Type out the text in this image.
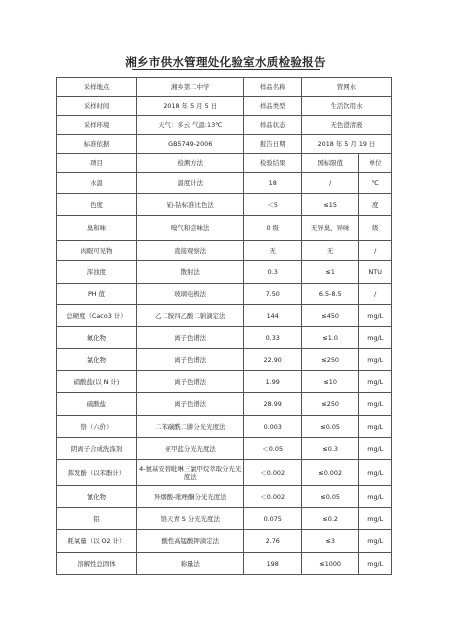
湘乡市供水管理处化验室水质检验报告
采样地点	湘乡第二中学	样品名称	管网水	
采样时间	2018 年 5 月 5 日	样品类型	生活饮用水	
采样环境	天气：多云 气温:13℃	样品状态	无色澄清液	
标准依据	GB5749-2006	报告日期	2018 年 5 月 19 日	
项目	检测方法	检验结果	国标限值	单位
水温	温度计法	18	/	℃
色度	铂-钴标准比色法	＜5	≤15	度
臭和味	嗅气和尝味法	0 级	无异臭、异味	级
肉眼可见物	直接观察法	无	无	/
浑浊度	散射法	0.3	≤1	NTU
PH 值	玻璃电极法	7.50	6.5-8.5	/
总硬度（Caco3 计）	乙二胺四乙酸二钠滴定法	144	≤450	mg/L
氟化物	离子色谱法	0.33	≤1.0	mg/L
氯化物	离子色谱法	22.90	≤250	mg/L
硝酸盐(以 N 计)	离子色谱法	1.99	≤10	mg/L
硫酸盐	离子色谱法	28.99	≤250	mg/L
铬（六价）	二苯碳酰二肼分光光度法	0.003	≤0.05	mg/L
阴离子合成洗涤剂	亚甲蓝分光光度法	＜0.05	≤0.3	mg/L
挥发酚（以苯酚计）	4-氨基安替吡啉三氯甲烷萃取分光光度法	＜0.002	≤0.002	mg/L
氰化物	异烟酸-吡唑酮分光光度法	＜0.002	≤0.05	mg/L
铝	铬天青 S 分光光度法	0.075	≤0.2	mg/L
耗氧量（以 O2 计）	酸性高锰酸钾滴定法	2.76	≤3	mg/L
溶解性总固体	称量法	198	≤1000	mg/L
